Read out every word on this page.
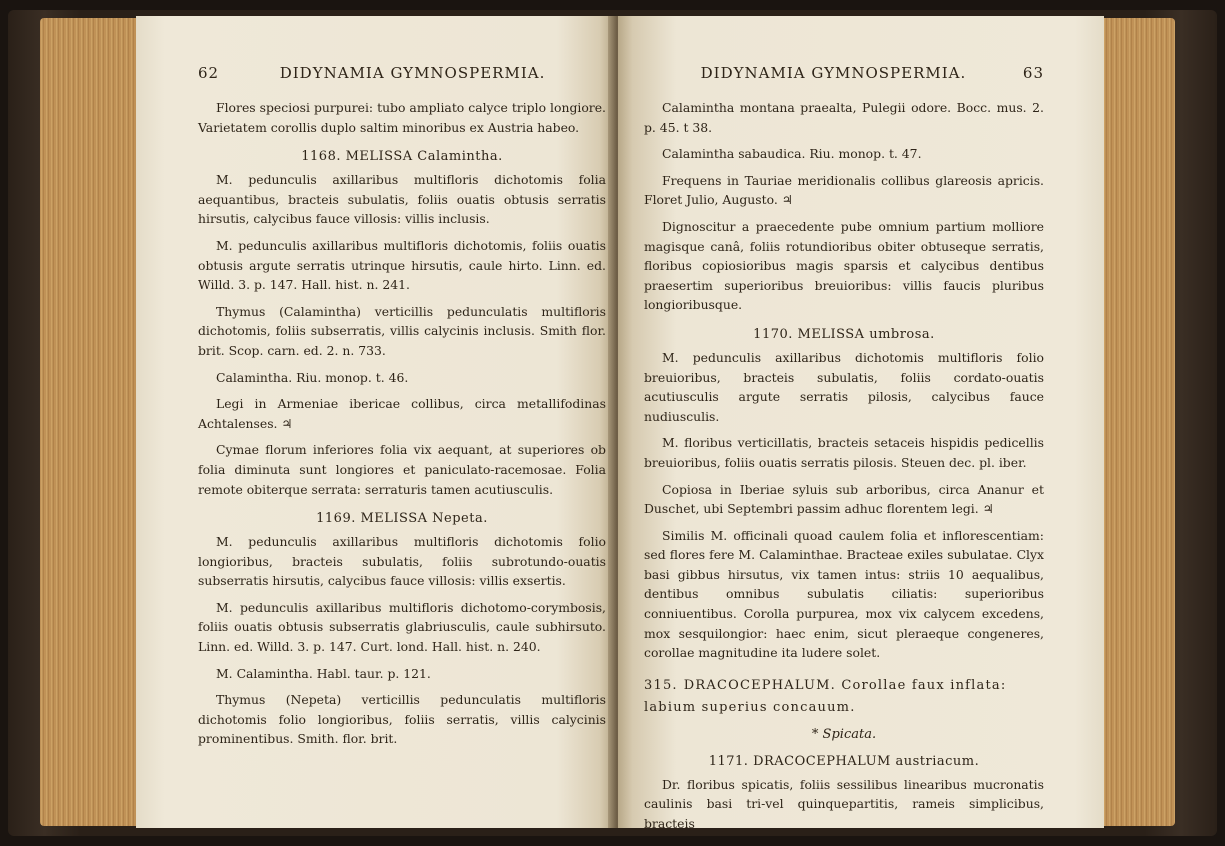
62	DIDYNAMIA GYMNOSPERMIA.

Flores speciosi purpurei: tubo ampliato calyce triplo longiore. Varietatem corollis duplo saltim minoribus ex Austria habeo.

1168. MELISSA Calamintha.

M. pedunculis axillaribus multifloris dichotomis folia aequantibus, bracteis subulatis, foliis ouatis obtusis serratis hirsutis, calycibus fauce villosis: villis inclusis.

M. pedunculis axillaribus multifloris dichotomis, foliis ouatis obtusis argute serratis utrinque hirsutis, caule hirto. Linn. ed. Willd. 3. p. 147. Hall. hist. n. 241.

Thymus (Calamintha) verticillis pedunculatis multifloris dichotomis, foliis subserratis, villis calycinis inclusis. Smith flor. brit. Scop. carn. ed. 2. n. 733.

Calamintha. Riu. monop. t. 46.

Legi in Armeniae ibericae collibus, circa metallifodinas Achtalenses. ♃

Cymae florum inferiores folia vix aequant, at superiores ob folia diminuta sunt longiores et paniculato-racemosae. Folia remote obiterque serrata: serraturis tamen acutiusculis.

1169. MELISSA Nepeta.

M. pedunculis axillaribus multifloris dichotomis folio longioribus, bracteis subulatis, foliis subrotundo-ouatis subserratis hirsutis, calycibus fauce villosis: villis exsertis.

M. pedunculis axillaribus multifloris dichotomo-corymbosis, foliis ouatis obtusis subserratis glabriusculis, caule subhirsuto. Linn. ed. Willd. 3. p. 147. Curt. lond. Hall. hist. n. 240.

M. Calamintha. Habl. taur. p. 121.

Thymus (Nepeta) verticillis pedunculatis multifloris dichotomis folio longioribus, foliis serratis, villis calycinis prominentibus. Smith. flor. brit.

DIDYNAMIA GYMNOSPERMIA.	63

Calamintha montana praealta, Pulegii odore. Bocc. mus. 2. p. 45. t 38.

Calamintha sabaudica. Riu. monop. t. 47.

Frequens in Tauriae meridionalis collibus glareosis apricis. Floret Julio, Augusto. ♃

Dignoscitur a praecedente pube omnium partium molliore magisque canâ, foliis rotundioribus obiter obtuseque serratis, floribus copiosioribus magis sparsis et calycibus dentibus praesertim superioribus breuioribus: villis faucis pluribus longioribusque.

1170. MELISSA umbrosa.

M. pedunculis axillaribus dichotomis multifloris folio breuioribus, bracteis subulatis, foliis cordato-ouatis acutiusculis argute serratis pilosis, calycibus fauce nudiusculis.

M. floribus verticillatis, bracteis setaceis hispidis pedicellis breuioribus, foliis ouatis serratis pilosis. Steuen dec. pl. iber.

Copiosa in Iberiae syluis sub arboribus, circa Ananur et Duschet, ubi Septembri passim adhuc florentem legi. ♃

Similis M. officinali quoad caulem folia et inflorescentiam: sed flores fere M. Calaminthae. Bracteae exiles subulatae. Clyx basi gibbus hirsutus, vix tamen intus: striis 10 aequalibus, dentibus omnibus subulatis ciliatis: superioribus conniuentibus. Corolla purpurea, mox vix calycem excedens, mox sesquilongior: haec enim, sicut pleraeque congeneres, corollae magnitudine ita ludere solet.

315. DRACOCEPHALUM. Corollae faux inflata: labium superius concauum.
* Spicata.
1171. DRACOCEPHALUM austriacum.

Dr. floribus spicatis, foliis sessilibus linearibus mucronatis caulinis basi tri-vel quinquepartitis, rameis simplicibus, bracteis
